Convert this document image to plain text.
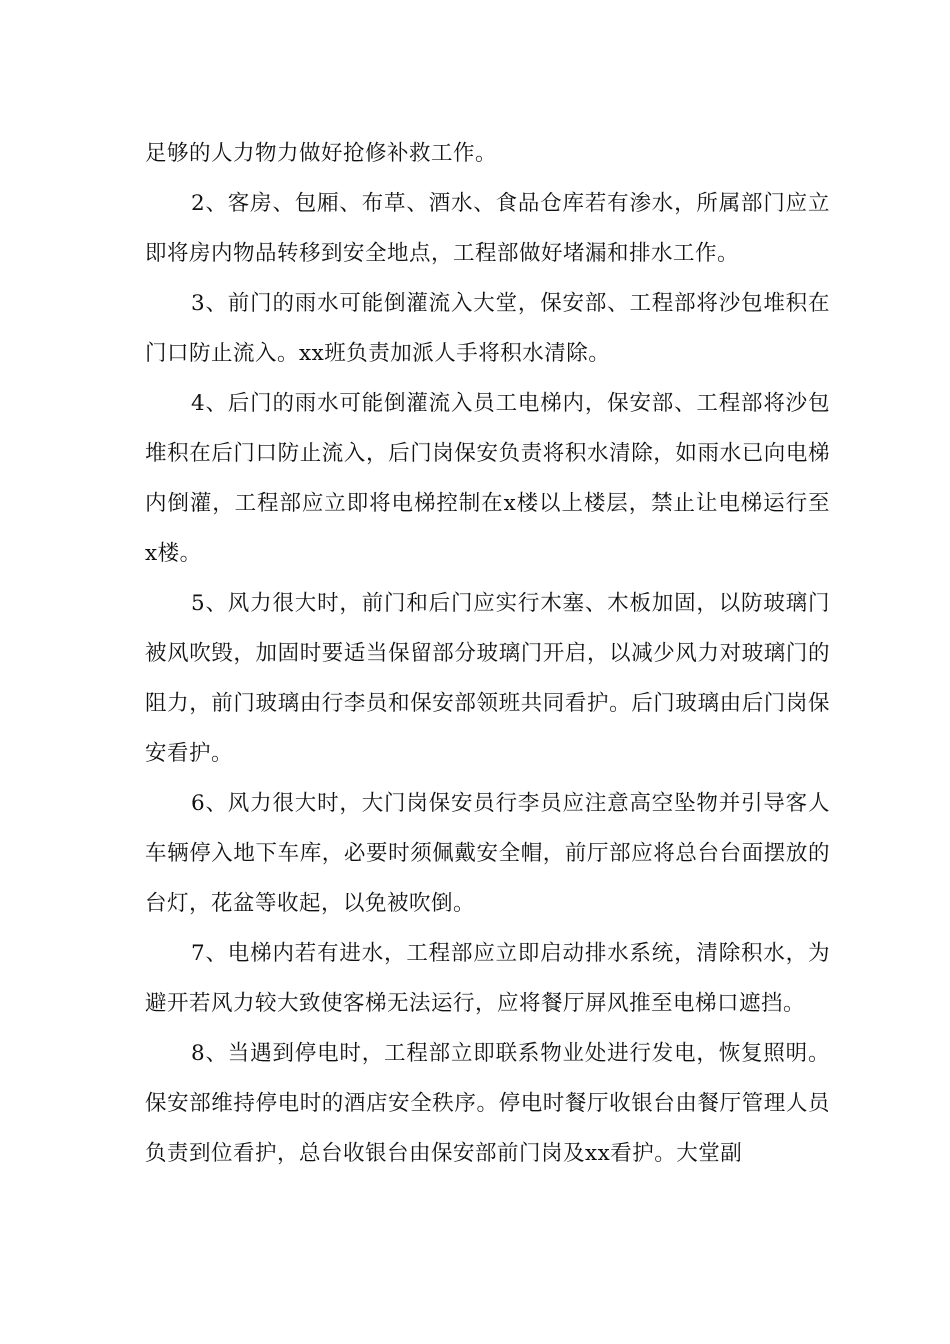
足够的人力物力做好抢修补救工作。

2、客房、包厢、布草、酒水、食品仓库若有渗水，所属部门应立即将房内物品转移到安全地点，工程部做好堵漏和排水工作。

3、前门的雨水可能倒灌流入大堂，保安部、工程部将沙包堆积在门口防止流入。xx班负责加派人手将积水清除。

4、后门的雨水可能倒灌流入员工电梯内，保安部、工程部将沙包堆积在后门口防止流入，后门岗保安负责将积水清除，如雨水已向电梯内倒灌，工程部应立即将电梯控制在x楼以上楼层，禁止让电梯运行至x楼。

5、风力很大时，前门和后门应实行木塞、木板加固，以防玻璃门被风吹毁，加固时要适当保留部分玻璃门开启，以减少风力对玻璃门的阻力，前门玻璃由行李员和保安部领班共同看护。后门玻璃由后门岗保安看护。

6、风力很大时，大门岗保安员行李员应注意高空坠物并引导客人车辆停入地下车库，必要时须佩戴安全帽，前厅部应将总台台面摆放的台灯，花盆等收起，以免被吹倒。

7、电梯内若有进水，工程部应立即启动排水系统，清除积水，为避开若风力较大致使客梯无法运行，应将餐厅屏风推至电梯口遮挡。

8、当遇到停电时，工程部立即联系物业处进行发电，恢复照明。保安部维持停电时的酒店安全秩序。停电时餐厅收银台由餐厅管理人员负责到位看护，总台收银台由保安部前门岗及xx看护。大堂副
